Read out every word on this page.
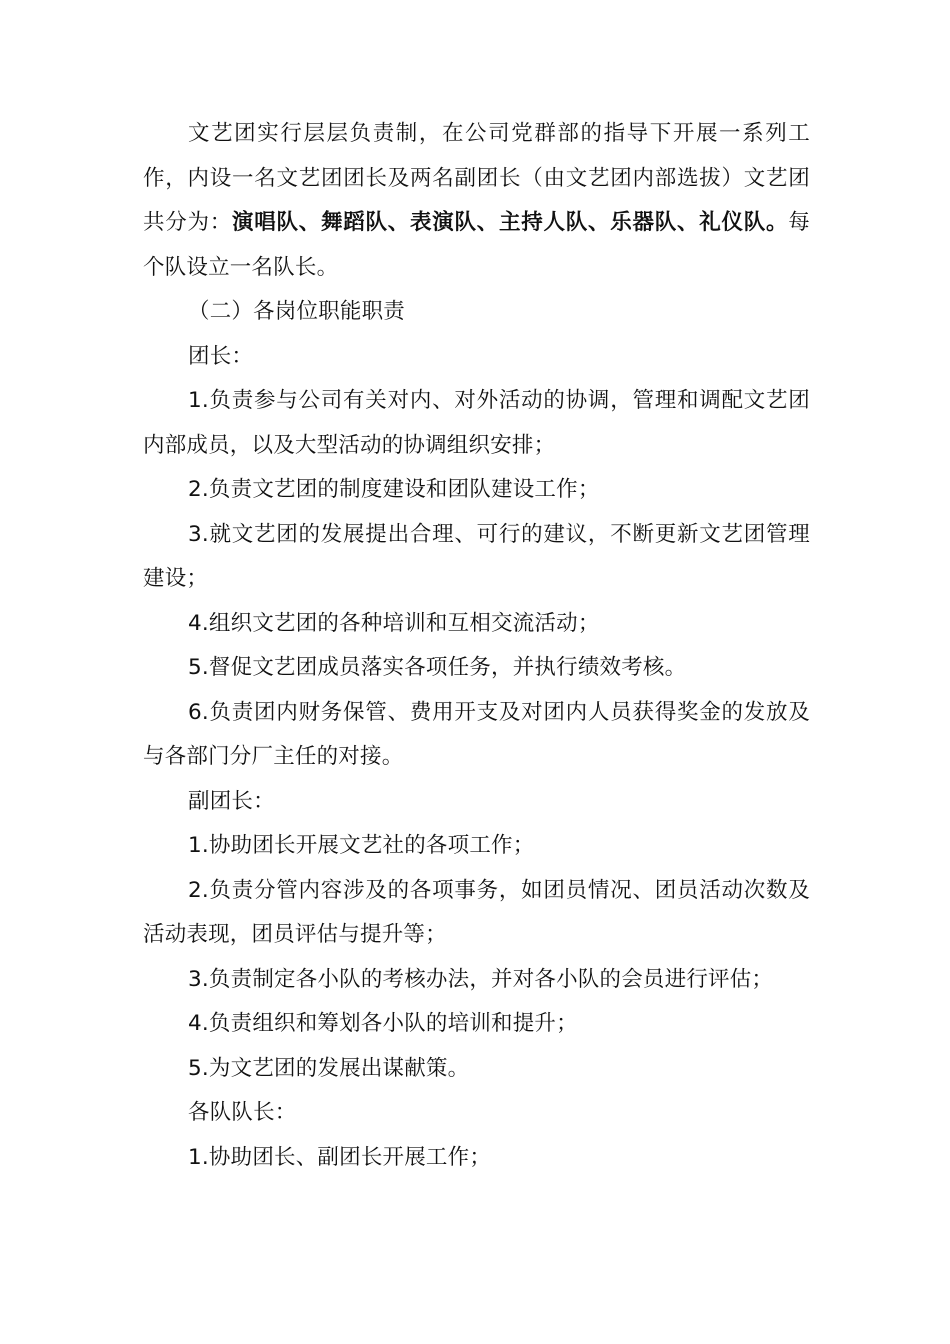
文艺团实行层层负责制，在公司党群部的指导下开展一系列工作，内设一名文艺团团长及两名副团长（由文艺团内部选拔）文艺团共分为：演唱队、舞蹈队、表演队、主持人队、乐器队、礼仪队。每个队设立一名队长。

（二）各岗位职能职责

团长：

1.负责参与公司有关对内、对外活动的协调，管理和调配文艺团内部成员，以及大型活动的协调组织安排；

2.负责文艺团的制度建设和团队建设工作；

3.就文艺团的发展提出合理、可行的建议，不断更新文艺团管理建设；

4.组织文艺团的各种培训和互相交流活动；

5.督促文艺团成员落实各项任务，并执行绩效考核。

6.负责团内财务保管、费用开支及对团内人员获得奖金的发放及与各部门分厂主任的对接。

副团长：

1.协助团长开展文艺社的各项工作；

2.负责分管内容涉及的各项事务，如团员情况、团员活动次数及活动表现，团员评估与提升等；

3.负责制定各小队的考核办法，并对各小队的会员进行评估；

4.负责组织和筹划各小队的培训和提升；

5.为文艺团的发展出谋献策。

各队队长：

1.协助团长、副团长开展工作；
